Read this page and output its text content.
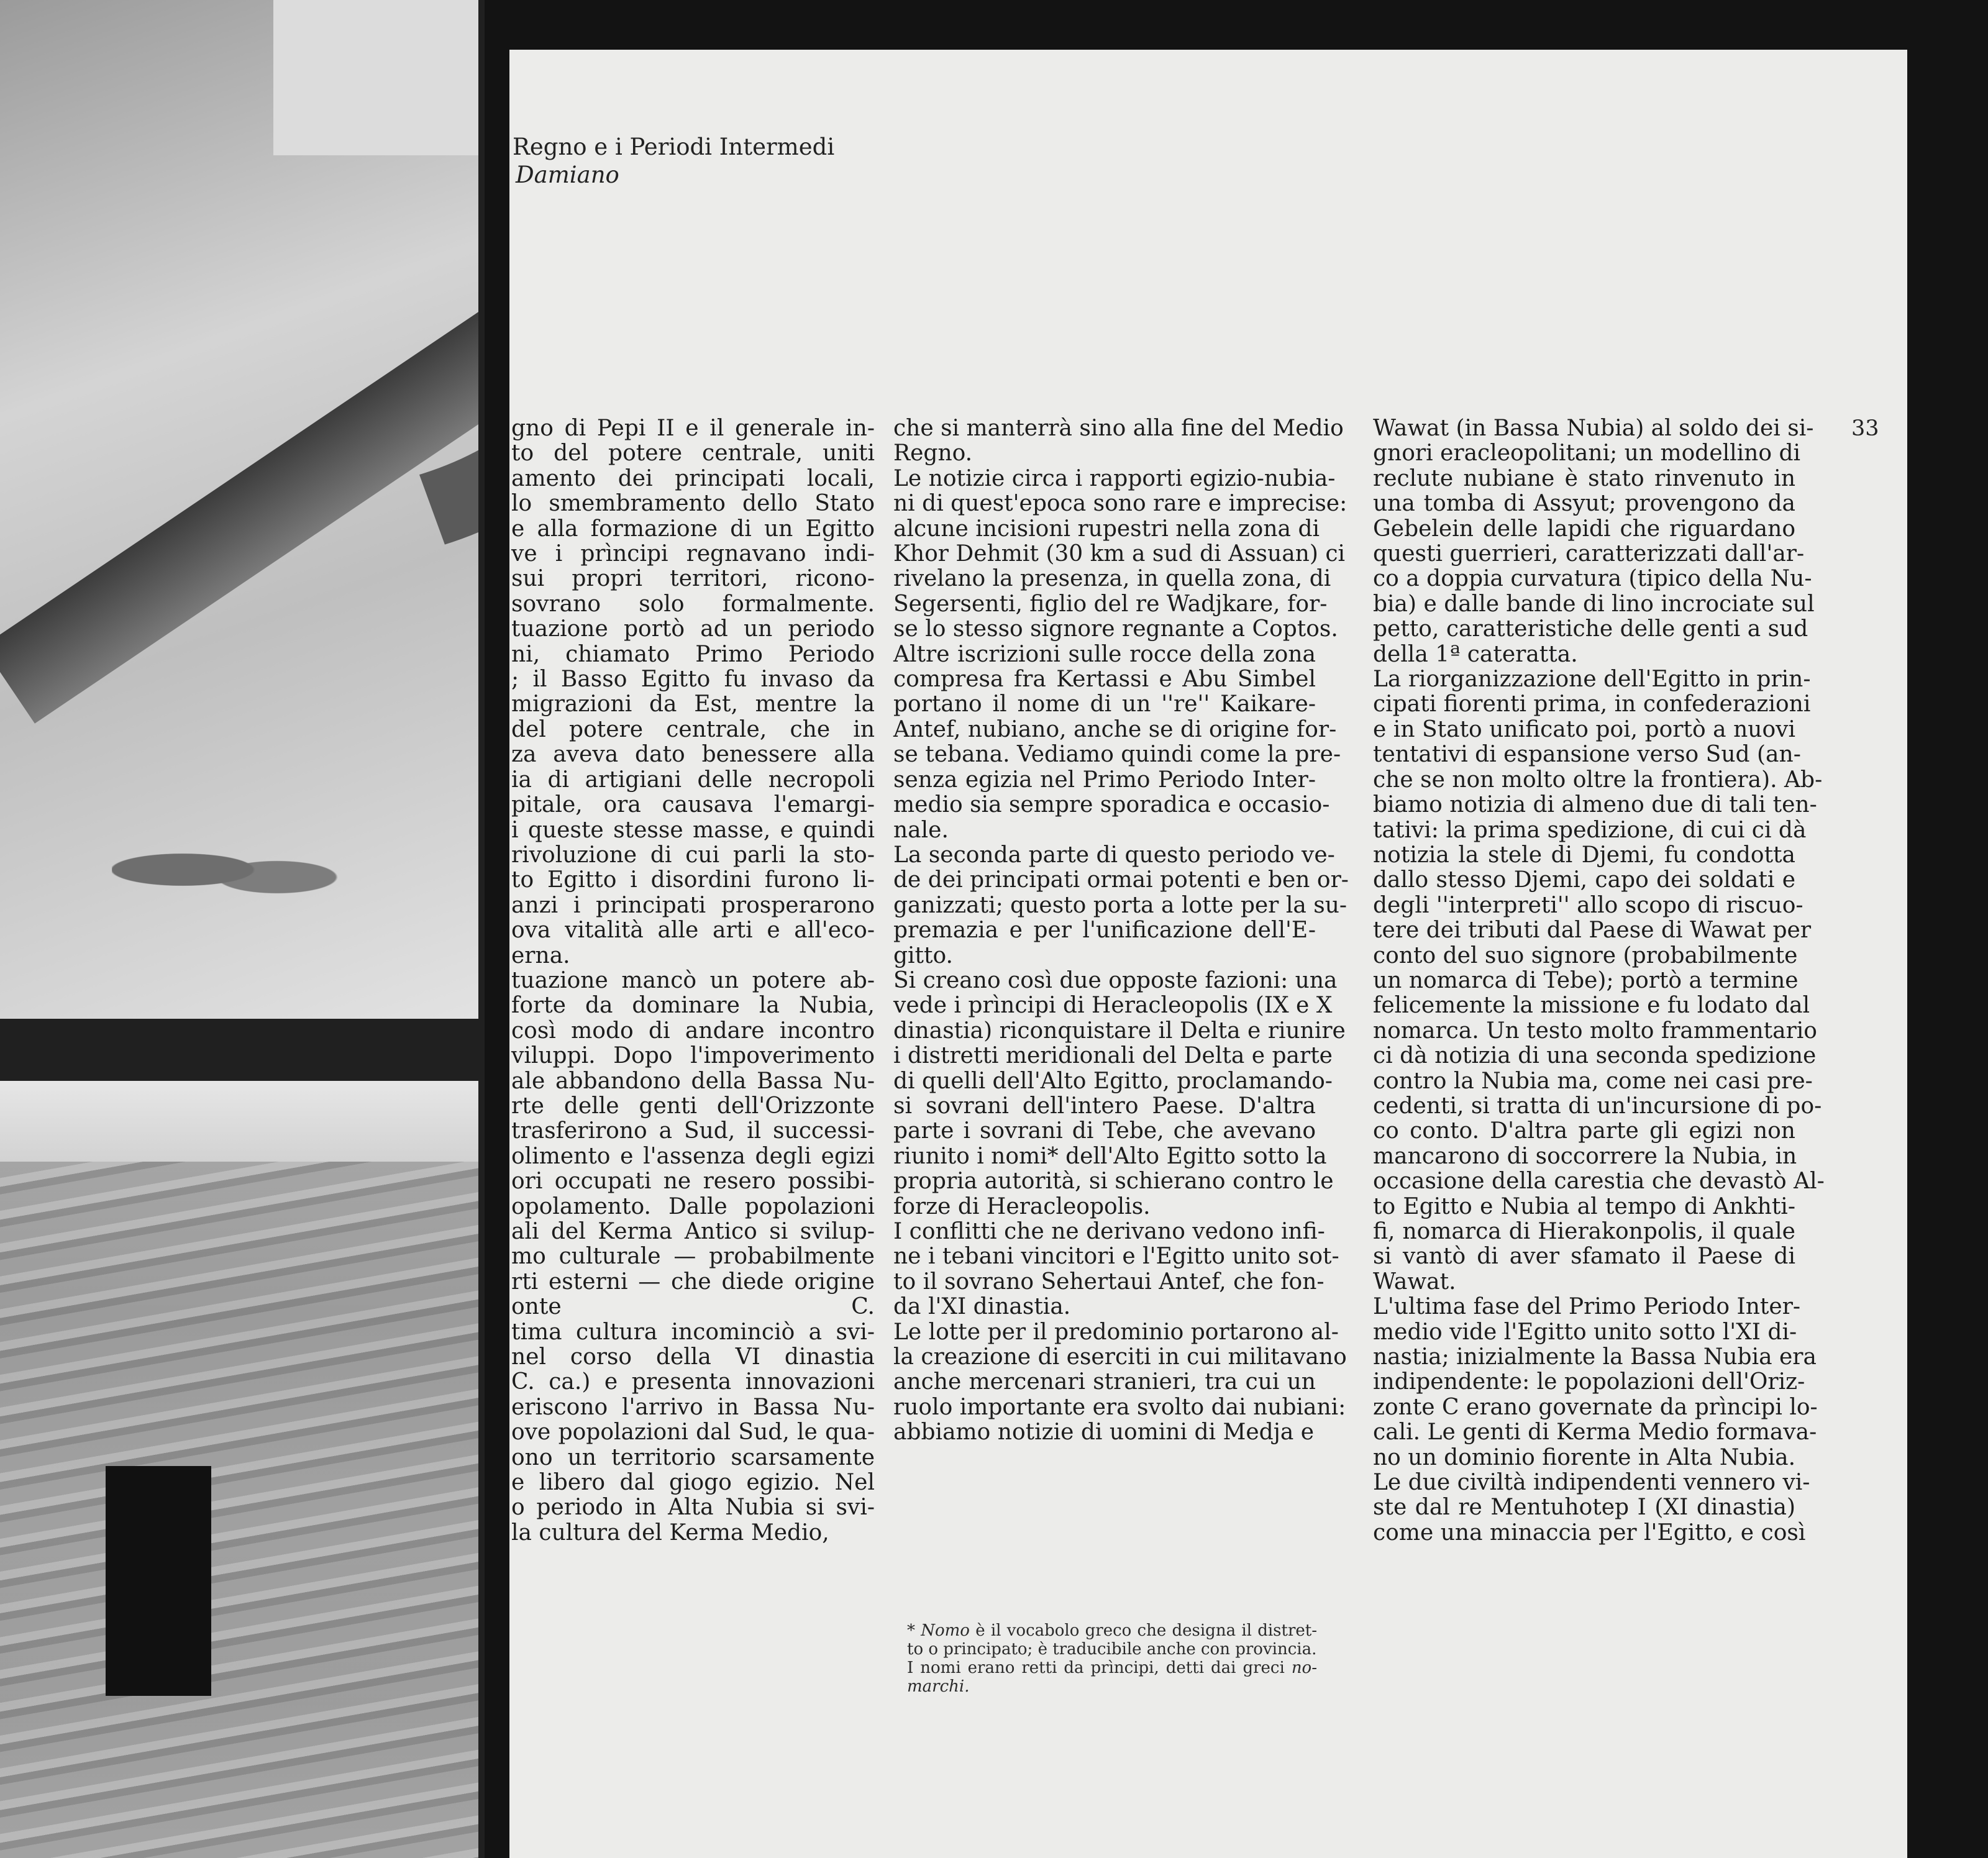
Regno e i Periodi Intermedi
Damiano
33
gno di Pepi II e il generale in-
to del potere centrale, uniti
amento dei principati locali,
lo smembramento dello Stato
e alla formazione di un Egitto
ve i prìncipi regnavano indi-
sui propri territori, ricono-
sovrano solo formalmente.
tuazione portò ad un periodo
ni, chiamato Primo Periodo
; il Basso Egitto fu invaso da
migrazioni da Est, mentre la
del potere centrale, che in
za aveva dato benessere alla
ia di artigiani delle necropoli
pitale, ora causava l'emargi-
i queste stesse masse, e quindi
rivoluzione di cui parli la sto-
to Egitto i disordini furono li-
anzi i principati prosperarono
ova vitalità alle arti e all'eco-
erna.
tuazione mancò un potere ab-
forte da dominare la Nubia,
così modo di andare incontro
viluppi. Dopo l'impoverimento
ale abbandono della Bassa Nu-
rte delle genti dell'Orizzonte
trasferirono a Sud, il successi-
olimento e l'assenza degli egizi
ori occupati ne resero possibi-
opolamento. Dalle popolazioni
ali del Kerma Antico si svilup-
mo culturale — probabilmente
rti esterni — che diede origine
onte C.
tima cultura incominciò a svi-
nel corso della VI dinastia
C. ca.) e presenta innovazioni
eriscono l'arrivo in Bassa Nu-
ove popolazioni dal Sud, le qua-
ono un territorio scarsamente
e libero dal giogo egizio. Nel
o periodo in Alta Nubia si svi-
la cultura del Kerma Medio,
che si manterrà sino alla fine del Medio
Regno.
Le notizie circa i rapporti egizio-nubia-
ni di quest'epoca sono rare e imprecise:
alcune incisioni rupestri nella zona di
Khor Dehmit (30 km a sud di Assuan) ci
rivelano la presenza, in quella zona, di
Segersenti, figlio del re Wadjkare, for-
se lo stesso signore regnante a Coptos.
Altre iscrizioni sulle rocce della zona
compresa fra Kertassi e Abu Simbel
portano il nome di un ''re'' Kaikare-
Antef, nubiano, anche se di origine for-
se tebana. Vediamo quindi come la pre-
senza egizia nel Primo Periodo Inter-
medio sia sempre sporadica e occasio-
nale.
La seconda parte di questo periodo ve-
de dei principati ormai potenti e ben or-
ganizzati; questo porta a lotte per la su-
premazia e per l'unificazione dell'E-
gitto.
Si creano così due opposte fazioni: una
vede i prìncipi di Heracleopolis (IX e X
dinastia) riconquistare il Delta e riunire
i distretti meridionali del Delta e parte
di quelli dell'Alto Egitto, proclamando-
si sovrani dell'intero Paese. D'altra
parte i sovrani di Tebe, che avevano
riunito i nomi* dell'Alto Egitto sotto la
propria autorità, si schierano contro le
forze di Heracleopolis.
I conflitti che ne derivano vedono infi-
ne i tebani vincitori e l'Egitto unito sot-
to il sovrano Sehertaui Antef, che fon-
da l'XI dinastia.
Le lotte per il predominio portarono al-
la creazione di eserciti in cui militavano
anche mercenari stranieri, tra cui un
ruolo importante era svolto dai nubiani:
abbiamo notizie di uomini di Medja e
* Nomo è il vocabolo greco che designa il distret-
to o principato; è traducibile anche con provincia.
I nomi erano retti da prìncipi, detti dai greci no-
marchi.
Wawat (in Bassa Nubia) al soldo dei si-
gnori eracleopolitani; un modellino di
reclute nubiane è stato rinvenuto in
una tomba di Assyut; provengono da
Gebelein delle lapidi che riguardano
questi guerrieri, caratterizzati dall'ar-
co a doppia curvatura (tipico della Nu-
bia) e dalle bande di lino incrociate sul
petto, caratteristiche delle genti a sud
della 1ª cateratta.
La riorganizzazione dell'Egitto in prin-
cipati fiorenti prima, in confederazioni
e in Stato unificato poi, portò a nuovi
tentativi di espansione verso Sud (an-
che se non molto oltre la frontiera). Ab-
biamo notizia di almeno due di tali ten-
tativi: la prima spedizione, di cui ci dà
notizia la stele di Djemi, fu condotta
dallo stesso Djemi, capo dei soldati e
degli ''interpreti'' allo scopo di riscuo-
tere dei tributi dal Paese di Wawat per
conto del suo signore (probabilmente
un nomarca di Tebe); portò a termine
felicemente la missione e fu lodato dal
nomarca. Un testo molto frammentario
ci dà notizia di una seconda spedizione
contro la Nubia ma, come nei casi pre-
cedenti, si tratta di un'incursione di po-
co conto. D'altra parte gli egizi non
mancarono di soccorrere la Nubia, in
occasione della carestia che devastò Al-
to Egitto e Nubia al tempo di Ankhti-
fi, nomarca di Hierakonpolis, il quale
si vantò di aver sfamato il Paese di
Wawat.
L'ultima fase del Primo Periodo Inter-
medio vide l'Egitto unito sotto l'XI di-
nastia; inizialmente la Bassa Nubia era
indipendente: le popolazioni dell'Oriz-
zonte C erano governate da prìncipi lo-
cali. Le genti di Kerma Medio formava-
no un dominio fiorente in Alta Nubia.
Le due civiltà indipendenti vennero vi-
ste dal re Mentuhotep I (XI dinastia)
come una minaccia per l'Egitto, e così
